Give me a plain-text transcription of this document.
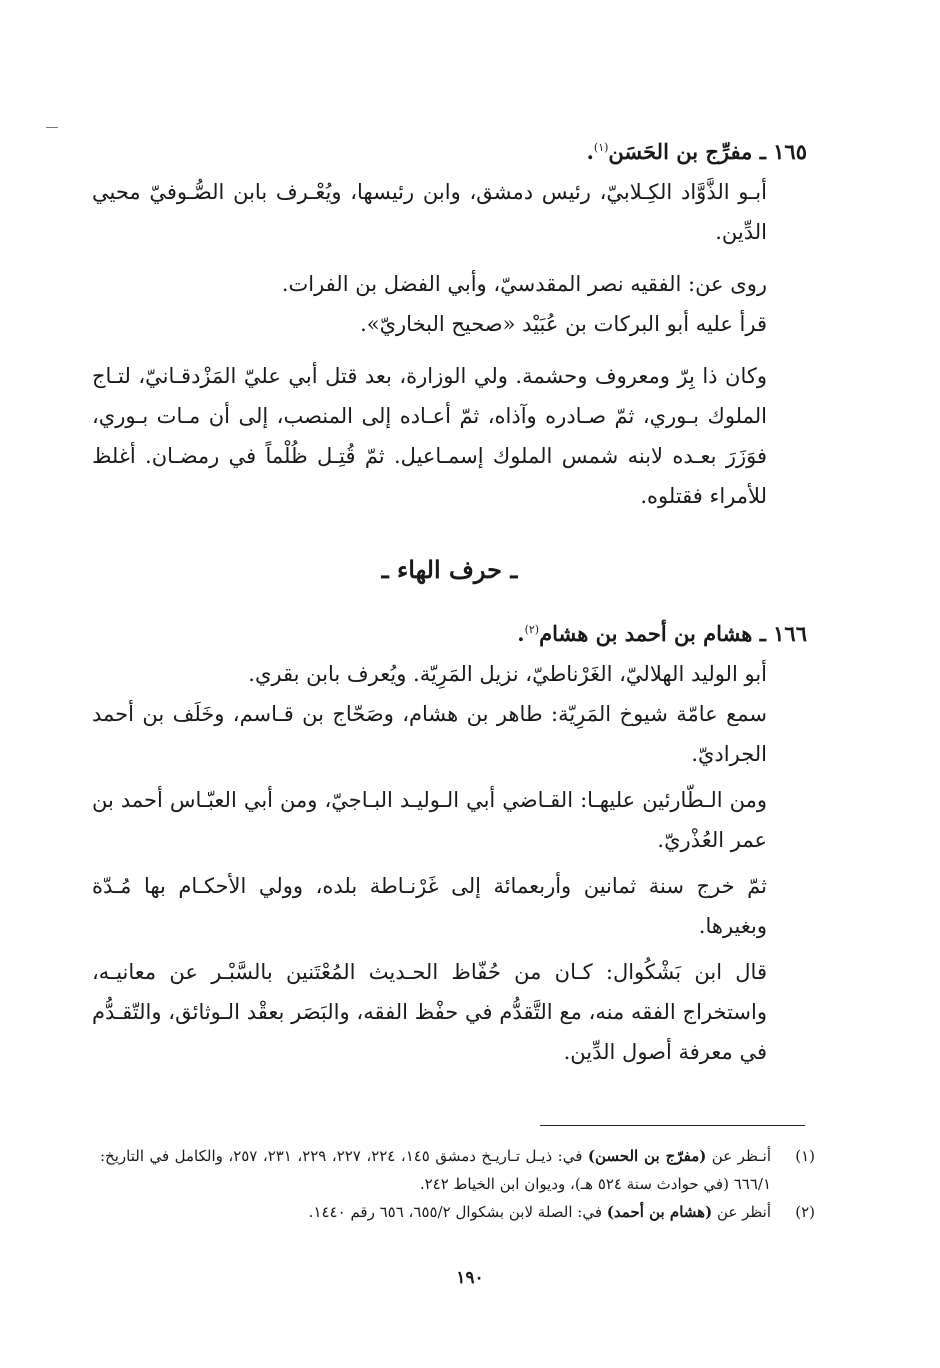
١٦٥ ـ مفرِّج بن الحَسَن$^{(١)}$.

أبـو الذَّوَّاد الكِـلابيّ، رئيس دمشق، وابن رئيسها، ويُعْـرف بابن الصُّـوفيّ محيي الدِّين.

روى عن: الفقيه نصر المقدسيّ، وأبي الفضل بن الفرات.

قرأ عليه أبو البركات بن عُبَيْد «صحيح البخاريّ».

وكان ذا بِرّ ومعروف وحشمة. ولي الوزارة، بعد قتل أبي عليّ المَزْدقـانيّ، لتـاج الملوك بـوري، ثمّ صـادره وآذاه، ثمّ أعـاده إلى المنصب، إلى أن مـات بـوري، فوَزَرَ بعـده لابنه شمس الملوك إسمـاعيل. ثمّ قُتِـل ظُلْماً في رمضـان. أغلظ للأمراء فقتلوه.

ـ حرف الهاء ـ

١٦٦ ـ هشام بن أحمد بن هشام$^{(٢)}$.

أبو الوليد الهلاليّ، الغَرْناطيّ، نزيل المَرِيّة. ويُعرف بابن بقري.

سمع عامّة شيوخ المَرِيّة: طاهر بن هشام، وصَحّاج بن قـاسم، وخَلَف بن أحمد الجراديّ.

ومن الـطّارئين عليهـا: القـاضي أبي الـوليـد البـاجيّ، ومن أبي العبّـاس أحمد بن عمر العُذْريّ.

ثمّ خرج سنة ثمانين وأربعمائة إلى غَرْنـاطة بلده، وولي الأحكـام بها مُـدّة وبغيرها.

قال ابن بَشْكُوال: كـان من حُفّاظ الحـديث المُعْتَنين بالسَّبْـر عن معانيـه، واستخراج الفقه منه، مع التَّقدُّم في حفْظ الفقه، والبَصَر بعقْد الـوثائق، والتّقـدُّم في معرفة أصول الدِّين.

(١)
أنـظر عن (مفرّج بن الحسن) في: ذيـل تـاريـخ دمشق ١٤٥، ٢٢٤، ٢٢٧، ٢٢٩، ٢٣١، ٢٥٧، والكامل في التاريخ: ٦٦٦/١ (في حوادث سنة ٥٢٤ هـ)، وديوان ابن الخياط ٢٤٢.
(٢)
أنظر عن (هشام بن أحمد) في: الصلة لابن بشكوال ٦٥٥/٢، ٦٥٦ رقم ١٤٤٠.
١٩٠
